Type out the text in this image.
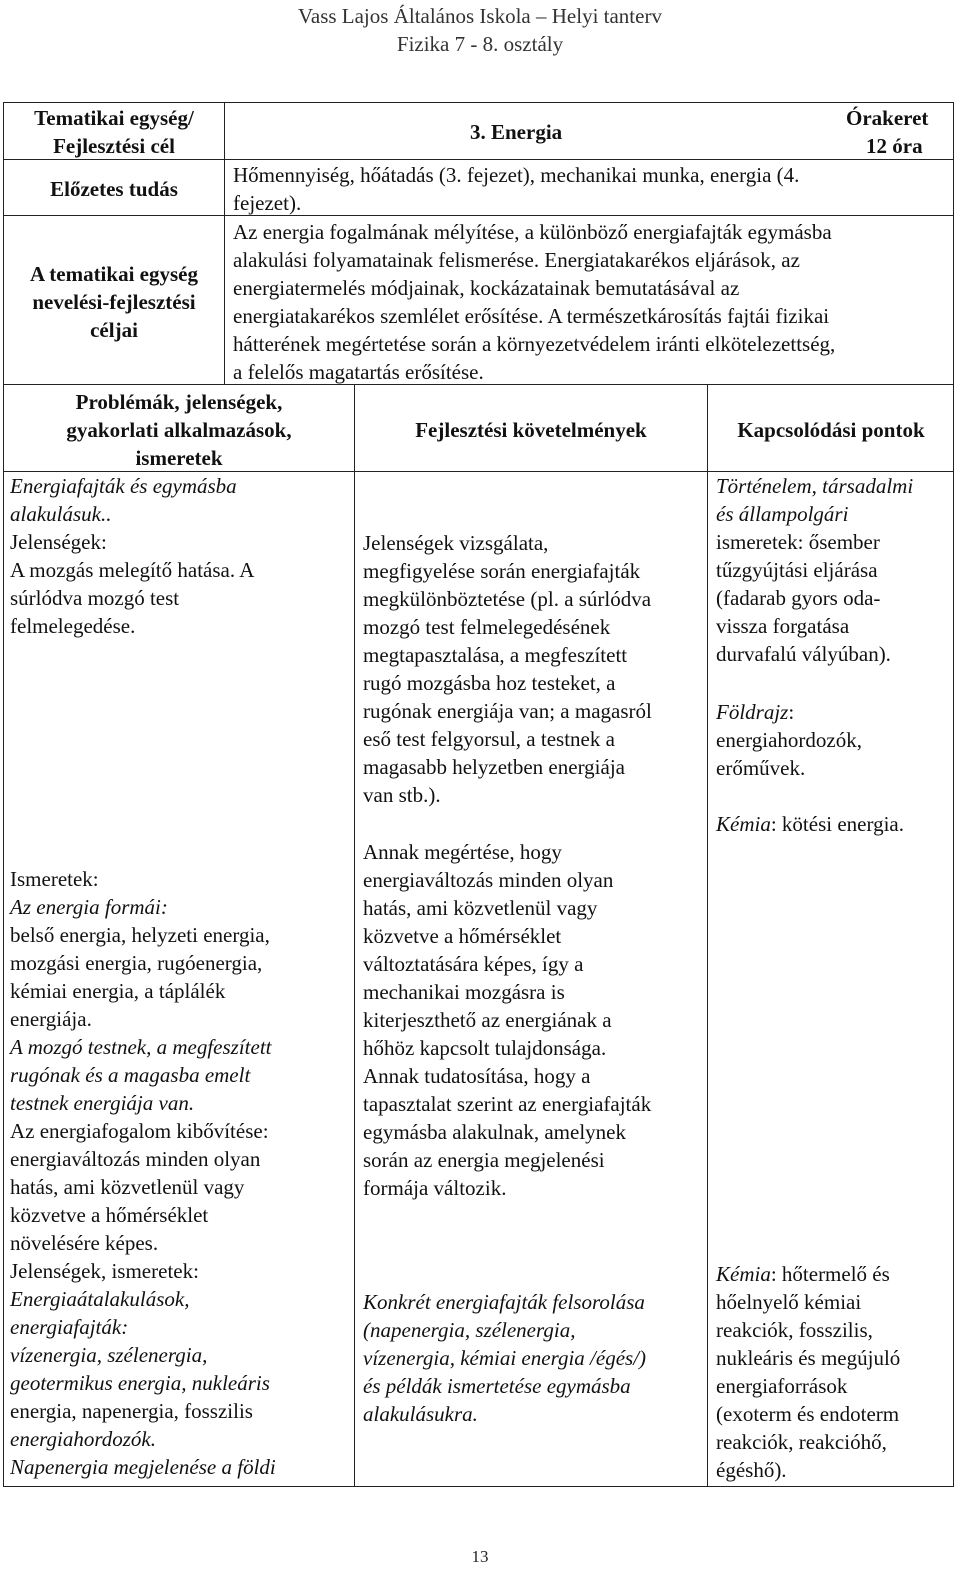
Vass Lajos Általános Iskola – Helyi tanterv
Fizika 7 - 8. osztály
Tematikai egység/
Fejlesztési cél
3. Energia
Órakeret
12 óra
Előzetes tudás
Hőmennyiség, hőátadás (3. fejezet), mechanikai munka, energia (4.
fejezet).
A tematikai egység
nevelési-fejlesztési
céljai
Az energia fogalmának mélyítése, a különböző energiafajták egymásba
alakulási folyamatainak felismerése. Energiatakarékos eljárások, az
energiatermelés módjainak, kockázatainak bemutatásával az
energiatakarékos szemlélet erősítése. A természetkárosítás fajtái fizikai
hátterének megértetése során a környezetvédelem iránti elkötelezettség,
a felelős magatartás erősítése.
Problémák, jelenségek,
gyakorlati alkalmazások,
ismeretek
Fejlesztési követelmények	Kapcsolódási pontok
Energiafajták és egymásba
alakulásuk..
Jelenségek:
A mozgás melegítő hatása. A
súrlódva mozgó test
felmelegedése.
Ismeretek:
Az energia formái:
belső energia, helyzeti energia,
mozgási energia, rugóenergia,
kémiai energia, a táplálék
energiája.
A mozgó testnek, a megfeszített
rugónak és a magasba emelt
testnek energiája van.
Az energiafogalom kibővítése:
energiaváltozás minden olyan
hatás, ami közvetlenül vagy
közvetve a hőmérséklet
növelésére képes.
Jelenségek, ismeretek:
Energiaátalakulások,
energiafajták:
vízenergia, szélenergia,
geotermikus energia, nukleáris
energia, napenergia, fosszilis
energiahordozók.
Napenergia megjelenése a földi
Jelenségek vizsgálata,
megfigyelése során energiafajták
megkülönböztetése (pl. a súrlódva
mozgó test felmelegedésének
megtapasztalása, a megfeszített
rugó mozgásba hoz testeket, a
rugónak energiája van; a magasról
eső test felgyorsul, a testnek a
magasabb helyzetben energiája
van stb.).
Annak megértése, hogy
energiaváltozás minden olyan
hatás, ami közvetlenül vagy
közvetve a hőmérséklet
változtatására képes, így a
mechanikai mozgásra is
kiterjeszthető az energiának a
hőhöz kapcsolt tulajdonsága.
Annak tudatosítása, hogy a
tapasztalat szerint az energiafajták
egymásba alakulnak, amelynek
során az energia megjelenési
formája változik.
Konkrét energiafajták felsorolása
(napenergia, szélenergia,
vízenergia, kémiai energia /égés/)
és példák ismertetése egymásba
alakulásukra.
Történelem, társadalmi
és állampolgári
ismeretek: ősember
tűzgyújtási eljárása
(fadarab gyors oda-
vissza forgatása
durvafalú vályúban).
Földrajz:
energiahordozók,
erőművek.
Kémia: kötési energia.
Kémia: hőtermelő és
hőelnyelő kémiai
reakciók, fosszilis,
nukleáris és megújuló
energiaforrások
(exoterm és endoterm
reakciók, reakcióhő,
égéshő).
13
